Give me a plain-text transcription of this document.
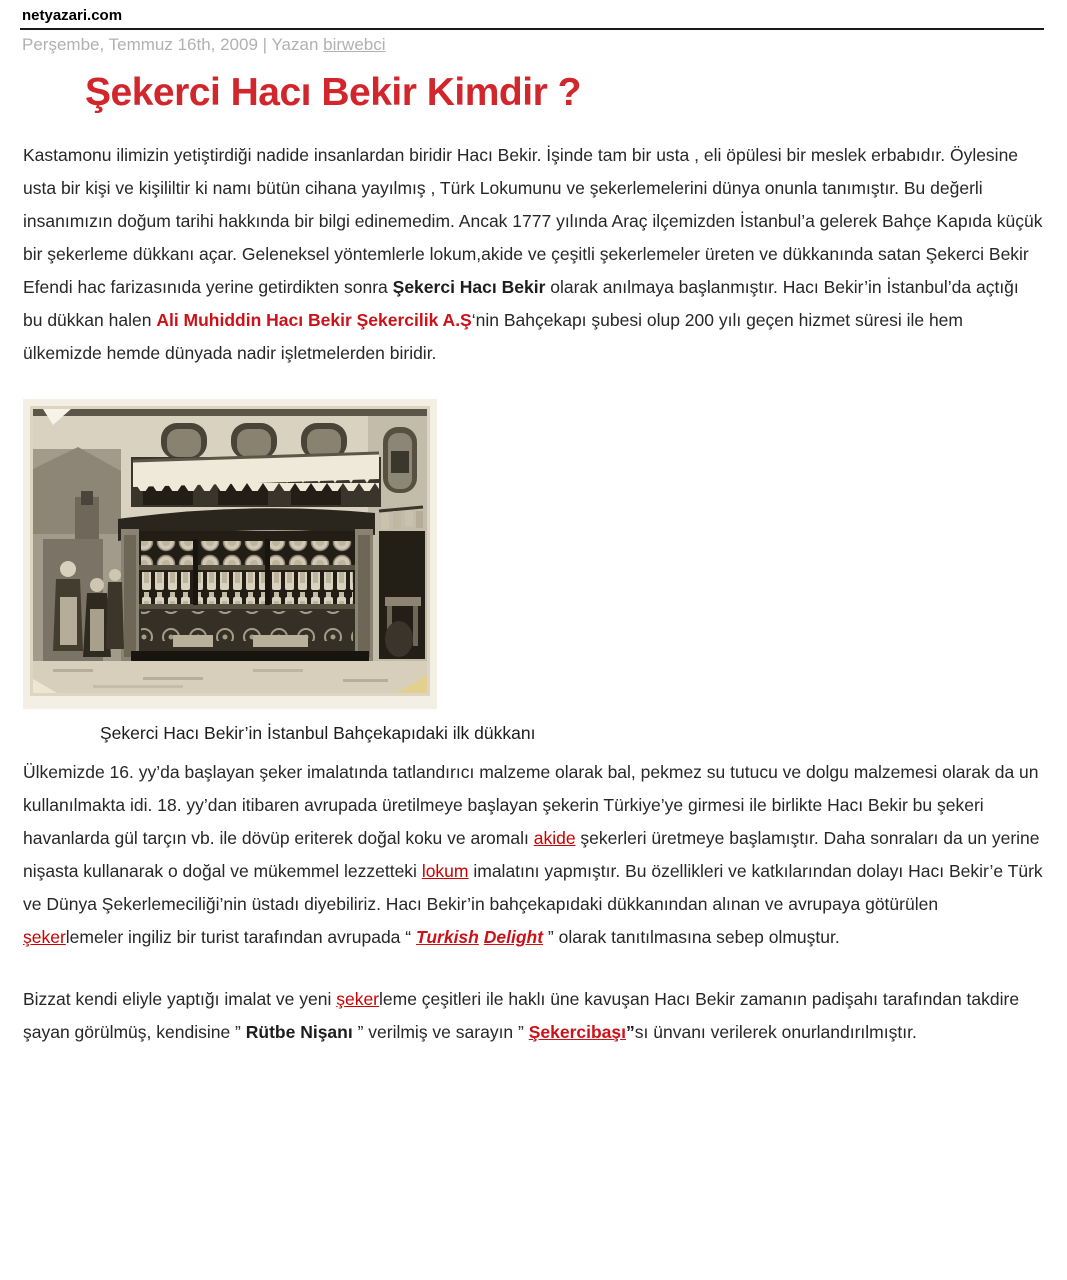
netyazari.com
Perşembe, Temmuz 16th, 2009 | Yazan birwebci
Şekerci Hacı Bekir Kimdir ?

Kastamonu ilimizin yetiştirdiği nadide insanlardan biridir Hacı Bekir. İşinde tam bir usta , eli öpülesi bir meslek erbabıdır. Öylesine usta bir kişi ve kişililtir ki namı bütün cihana yayılmış , Türk Lokumunu ve şekerlemelerini dünya onunla tanımıştır. Bu değerli insanımızın doğum tarihi hakkında bir bilgi edinemedim. Ancak 1777 yılında Araç ilçemizden İstanbul’a gelerek Bahçe Kapıda küçük bir şekerleme dükkanı açar. Geleneksel yöntemlerle lokum,akide ve çeşitli şekerlemeler üreten ve dükkanında satan Şekerci Bekir Efendi hac farizasınıda yerine getirdikten sonra Şekerci Hacı Bekir olarak anılmaya başlanmıştır. Hacı Bekir’in İstanbul’da açtığı bu dükkan halen Ali Muhiddin Hacı Bekir Şekercilik A.Ş‘nin Bahçekapı şubesi olup 200 yılı geçen hizmet süresi ile hem ülkemizde hemde dünyada nadir işletmelerden biridir.

Şekerci Hacı Bekir’in İstanbul Bahçekapıdaki ilk dükkanı

Ülkemizde 16. yy’da başlayan şeker imalatında tatlandırıcı malzeme olarak bal, pekmez su tutucu ve dolgu malzemesi olarak da un kullanılmakta idi. 18. yy’dan itibaren avrupada üretilmeye başlayan şekerin Türkiye’ye girmesi ile birlikte Hacı Bekir bu şekeri havanlarda gül tarçın vb. ile dövüp eriterek doğal koku ve aromalı akide şekerleri üretmeye başlamıştır. Daha sonraları da un yerine nişasta kullanarak o doğal ve mükemmel lezzetteki lokum imalatını yapmıştır. Bu özellikleri ve katkılarından dolayı Hacı Bekir’e Türk ve Dünya Şekerlemeciliği’nin üstadı diyebiliriz. Hacı Bekir’in bahçekapıdaki dükkanından alınan ve avrupaya götürülen şekerlemeler ingiliz bir turist tarafından avrupada “ Turkish Delight ” olarak tanıtılmasına sebep olmuştur.

Bizzat kendi eliyle yaptığı imalat ve yeni şekerleme çeşitleri ile haklı üne kavuşan Hacı Bekir zamanın padişahı tarafından takdire şayan görülmüş, kendisine ” Rütbe Nişanı ” verilmiş ve sarayın ” Şekercibaşı”sı ünvanı verilerek onurlandırılmıştır.
